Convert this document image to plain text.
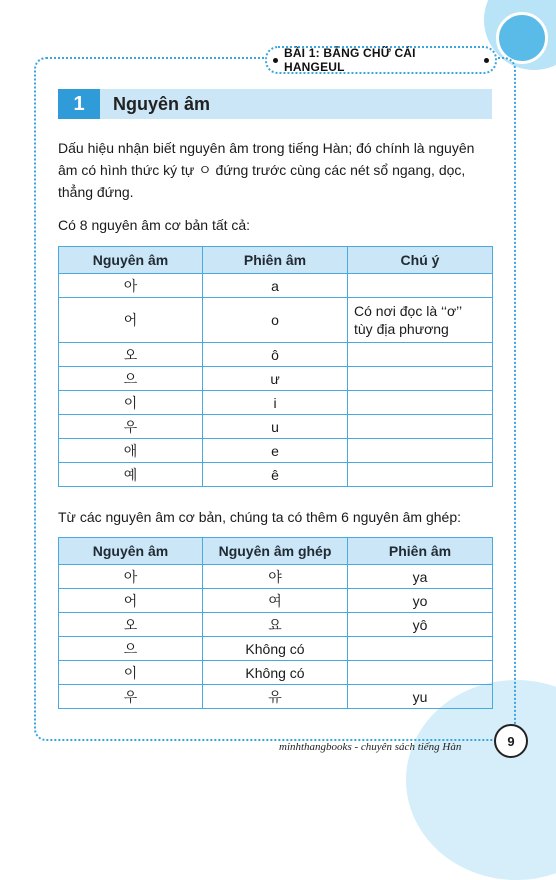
BÀI 1: BẢNG CHỮ CÁI HANGEUL
1	Nguyên âm
Dấu hiệu nhận biết nguyên âm trong tiếng Hàn; đó chính là nguyên
âm có hình thức ký tự ㅇ đứng trước cùng các nét sổ ngang, dọc,
thẳng đứng.
Có 8 nguyên âm cơ bản tất cả:
Nguyên âm	Phiên âm	Chú ý
아	a	
어	o	Có nơi đọc là ‘‘ơ’’
tùy địa phương

오	ô	
으	ư	
이	i	
우	u	
애	e	
예	ê	
Từ các nguyên âm cơ bản, chúng ta có thêm 6 nguyên âm ghép:
Nguyên âm	Nguyên âm ghép	Phiên âm
아	야	ya
어	여	yo
오	요	yô
으	Không có	
이	Không có	
우	유	yu
minhthangbooks - chuyên sách tiếng Hàn	9
